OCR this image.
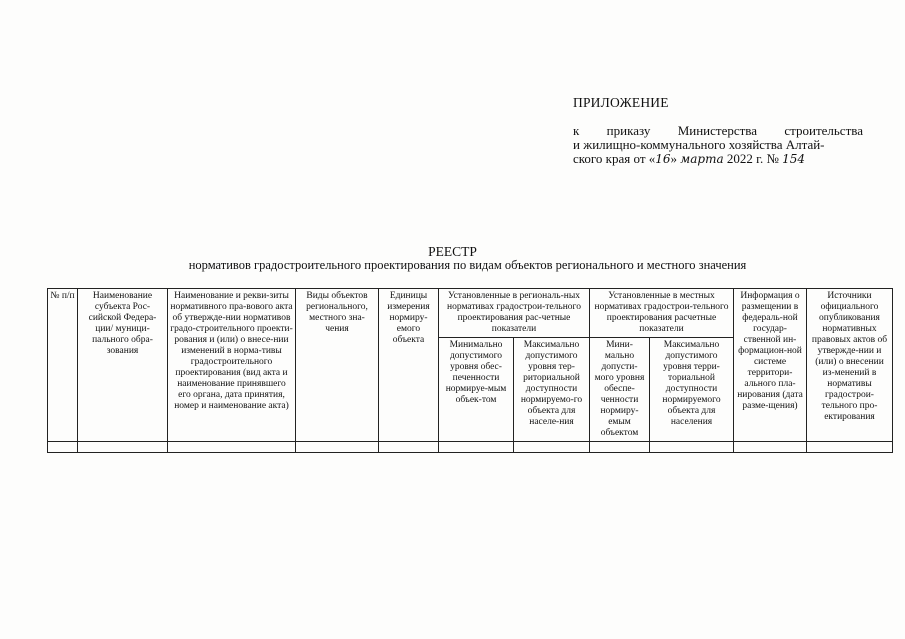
ПРИЛОЖЕНИЕ
к приказу Министерства строительства
и жилищно-коммунального хозяйства Алтай-
ского края от «16» марта 2022 г. № 154
РЕЕСТР
нормативов градостроительного проектирования по видам объектов регионального и местного значения
№ п/п	Наименование субъекта Рос-сийской Федера-ции/ муници-пального обра-зования	Наименование и рекви-зиты нормативного пра-вового акта об утвержде-нии нормативов градо-строительного проекти-рования и (или) о внесе-нии изменений в норма-тивы градостроительного проектирования (вид акта и наименование принявшего его органа, дата принятия, номер и наименование акта)	Виды объектов регионального, местного зна-чения	Единицы измерения нормиру-емого объекта	Установленные в региональ-ных нормативах градострои-тельного проектирования рас-четные показатели		Установленные в местных нормативах градострои-тельного проектирования расчетные показатели		Информация о размещении в федераль-ной государ-ственной ин-формацион-ной системе территори-ального пла-нирования (дата разме-щения)	Источники официального опубликования нормативных правовых актов об утвержде-нии и (или) о внесении из-менений в нормативы градострои-тельного про-ектирования
					Минимально допустимого уровня обес-печенности нормируе-мым объек-том	Максимально допустимого уровня тер-риториальной доступности нормируемо-го объекта для населе-ния	Мини-мально допусти-мого уровня обеспе-ченности нормиру-емым объектом	Максимально допустимого уровня терри-ториальной доступности нормируемого объекта для населения		
